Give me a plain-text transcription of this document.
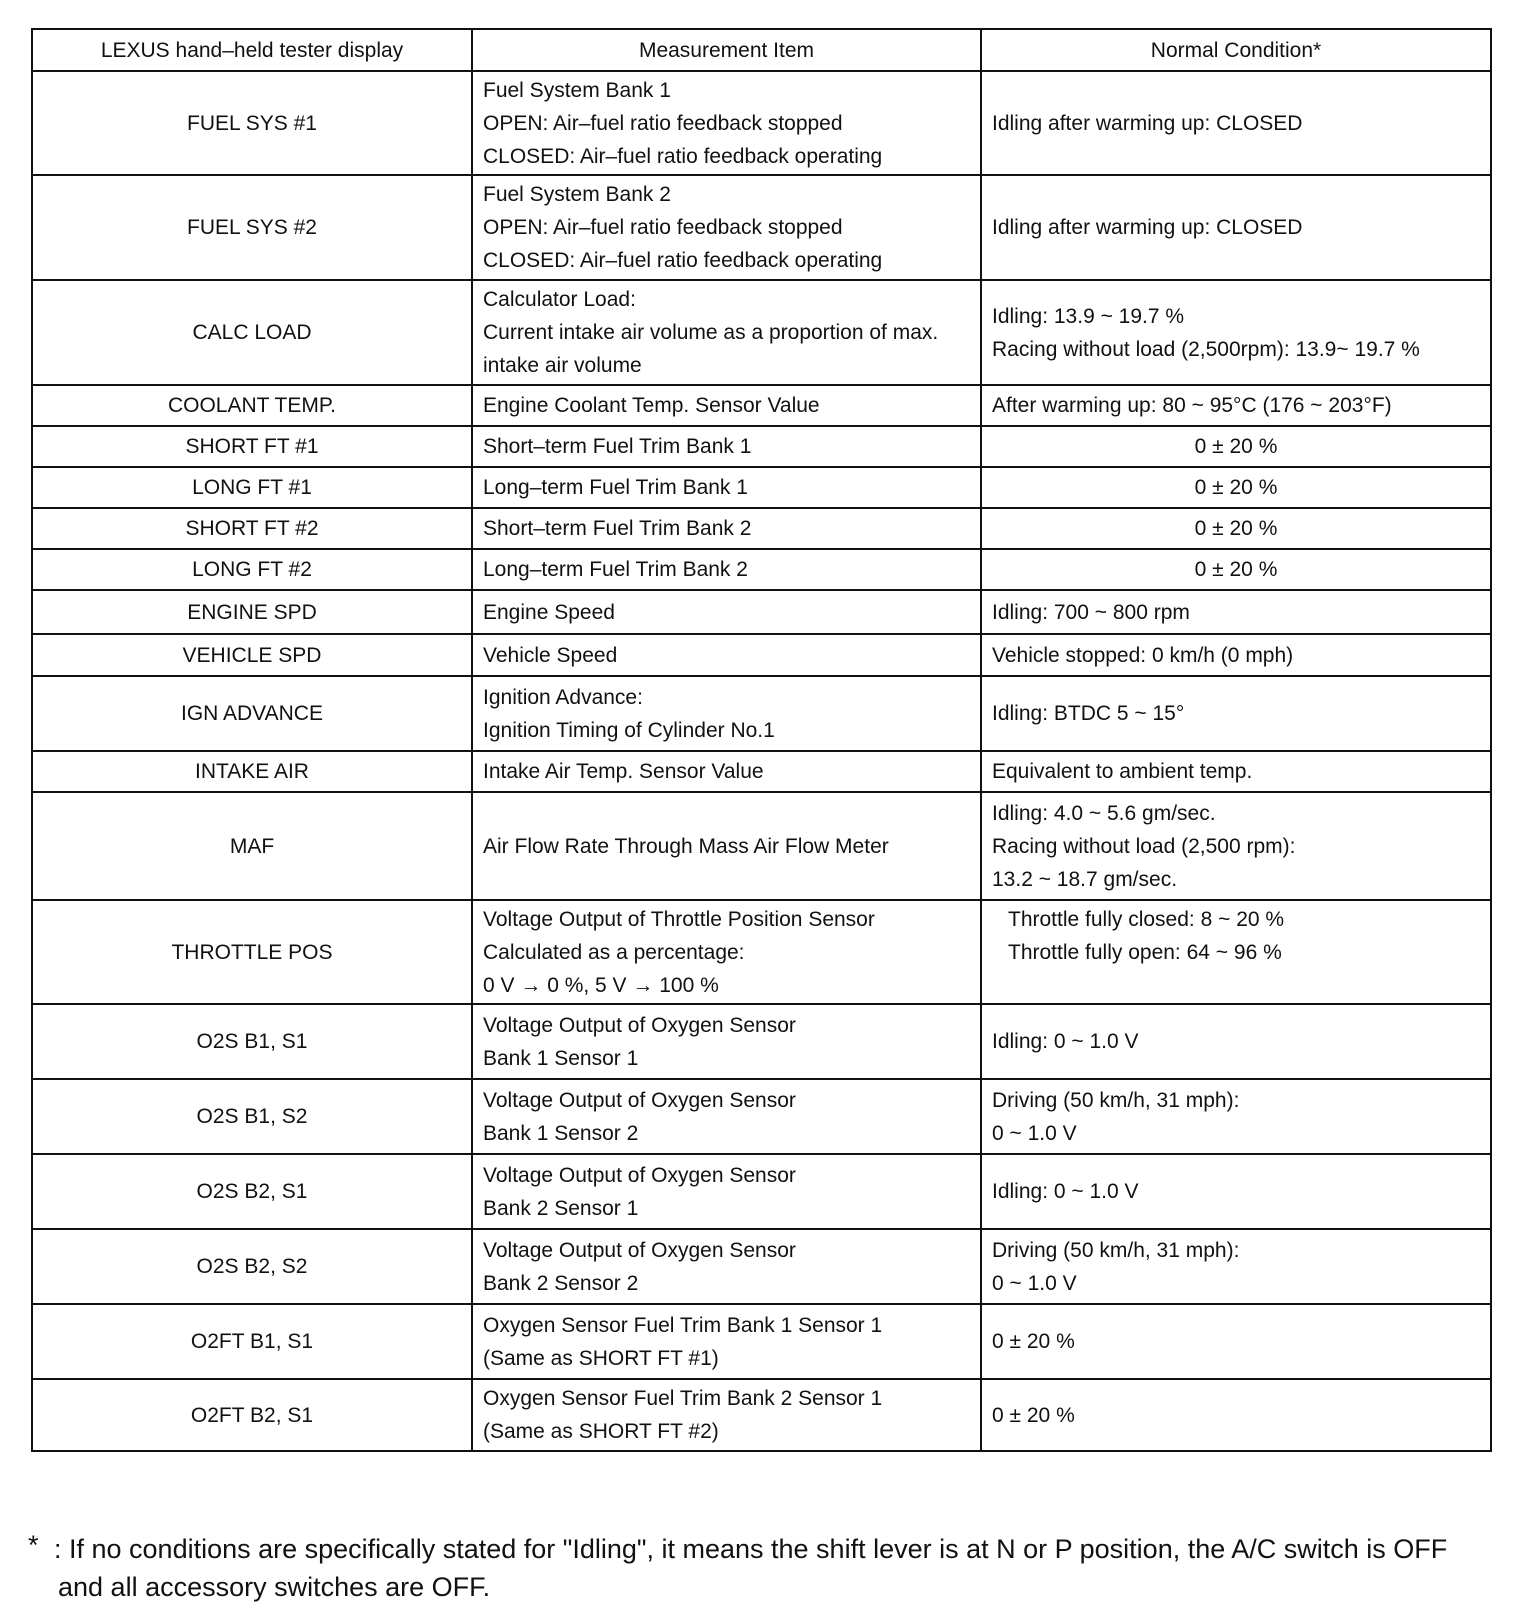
LEXUS hand–held tester display	Measurement Item	Normal Condition*
FUEL SYS #1	Fuel System Bank 1
OPEN: Air–fuel ratio feedback stopped
CLOSED: Air–fuel ratio feedback operating	Idling after warming up: CLOSED

FUEL SYS #2	Fuel System Bank 2
OPEN: Air–fuel ratio feedback stopped
CLOSED: Air–fuel ratio feedback operating	Idling after warming up: CLOSED

CALC LOAD	Calculator Load:
Current intake air volume as a proportion of max.
intake air volume	Idling: 13.9 ~ 19.7 %
Racing without load (2,500rpm): 13.9~ 19.7 %

COOLANT TEMP.	Engine Coolant Temp. Sensor Value	After warming up: 80 ~ 95°C (176 ~ 203°F)

SHORT FT #1	Short–term Fuel Trim Bank 1	0 ± 20 %

LONG FT #1	Long–term Fuel Trim Bank 1	0 ± 20 %

SHORT FT #2	Short–term Fuel Trim Bank 2	0 ± 20 %

LONG FT #2	Long–term Fuel Trim Bank 2	0 ± 20 %

ENGINE SPD	Engine Speed	Idling: 700 ~ 800 rpm

VEHICLE SPD	Vehicle Speed	Vehicle stopped: 0 km/h (0 mph)

IGN ADVANCE	Ignition Advance:
Ignition Timing of Cylinder No.1	Idling: BTDC 5 ~ 15°

INTAKE AIR	Intake Air Temp. Sensor Value	Equivalent to ambient temp.

MAF	Air Flow Rate Through Mass Air Flow Meter	Idling: 4.0 ~ 5.6 gm/sec.
Racing without load (2,500 rpm):
13.2 ~ 18.7 gm/sec.

THROTTLE POS	Voltage Output of Throttle Position Sensor
Calculated as a percentage:
0 V → 0 %, 5 V → 100 %	Throttle fully closed: 8 ~ 20 %
Throttle fully open: 64 ~ 96 %

O2S B1, S1	Voltage Output of Oxygen Sensor
Bank 1 Sensor 1	Idling: 0 ~ 1.0 V

O2S B1, S2	Voltage Output of Oxygen Sensor
Bank 1 Sensor 2	Driving (50 km/h, 31 mph):
0 ~ 1.0 V

O2S B2, S1	Voltage Output of Oxygen Sensor
Bank 2 Sensor 1	Idling: 0 ~ 1.0 V

O2S B2, S2	Voltage Output of Oxygen Sensor
Bank 2 Sensor 2	Driving (50 km/h, 31 mph):
0 ~ 1.0 V

O2FT B1, S1	Oxygen Sensor Fuel Trim Bank 1 Sensor 1
(Same as SHORT FT #1)	0 ± 20 %

O2FT B2, S1	Oxygen Sensor Fuel Trim Bank 2 Sensor 1
(Same as SHORT FT #2)	0 ± 20 %
* : If no conditions are specifically stated for "Idling", it means the shift lever is at N or P position, the A/C switch is OFF and all accessory switches are OFF.
